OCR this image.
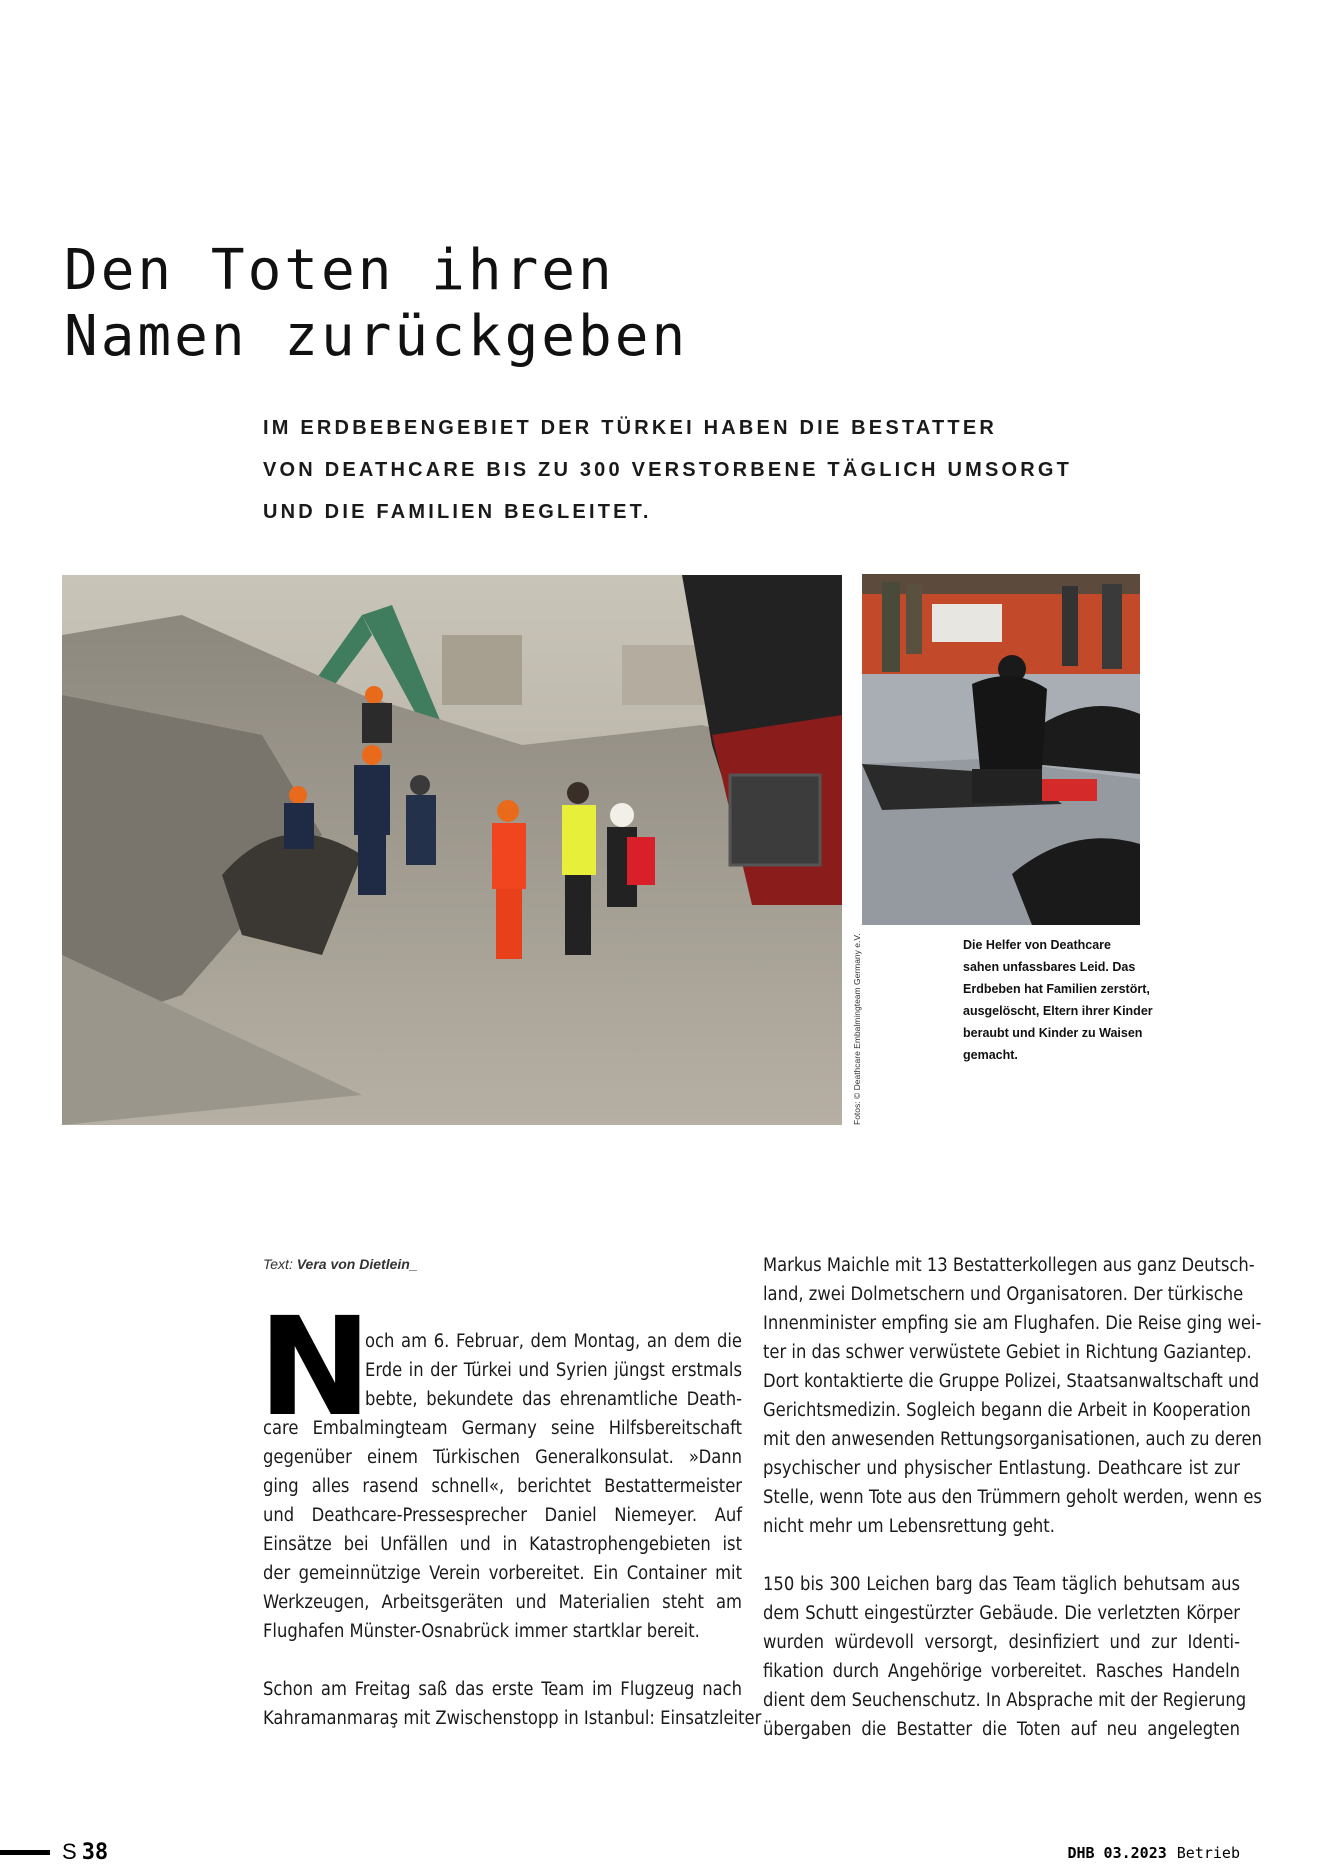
Den Toten ihren
Namen zurückgeben
IM ERDBEBENGEBIET DER TÜRKEI HABEN DIE BESTATTER
VON DEATHCARE BIS ZU 300 VERSTORBENE TÄGLICH UMSORGT
UND DIE FAMILIEN BEGLEITET.
Fotos: © Deathcare Embalmingteam Germany e.V.	Die Helfer von Deathcare
sahen unfassbares Leid. Das
Erdbeben hat Familien zerstört,
ausgelöscht, Eltern ihrer Kinder
beraubt und Kinder zu Waisen
gemacht.
Text: Vera von Dietlein_
N
och am 6. Februar, dem Montag, an dem die
Erde in der Türkei und Syrien jüngst erstmals
bebte, bekundete das ehrenamtliche Death-
care Embalmingteam Germany seine Hilfsbereitschaft
gegenüber einem Türkischen Generalkonsulat. »Dann
ging alles rasend schnell«, berichtet Bestattermeister
und Deathcare-Pressesprecher Daniel Niemeyer. Auf
Einsätze bei Unfällen und in Katastrophengebieten ist
der gemeinnützige Verein vorbereitet. Ein Container mit
Werkzeugen, Arbeitsgeräten und Materialien steht am
Flughafen Münster-Osnabrück immer startklar bereit.
Schon am Freitag saß das erste Team im Flugzeug nach
Kahramanmaraş mit Zwischenstopp in Istanbul: Einsatzleiter
Markus Maichle mit 13 Bestatterkollegen aus ganz Deutsch-
land, zwei Dolmetschern und Organisatoren. Der türkische
Innenminister empfing sie am Flughafen. Die Reise ging wei-
ter in das schwer verwüstete Gebiet in Richtung Gaziantep.
Dort kontaktierte die Gruppe Polizei, Staatsanwaltschaft und
Gerichtsmedizin. Sogleich begann die Arbeit in Kooperation
mit den anwesenden Rettungsorganisationen, auch zu deren
psychischer und physischer Entlastung. Deathcare ist zur
Stelle, wenn Tote aus den Trümmern geholt werden, wenn es
nicht mehr um Lebensrettung geht.
150 bis 300 Leichen barg das Team täglich behutsam aus
dem Schutt eingestürzter Gebäude. Die verletzten Körper
wurden würdevoll versorgt, desinfiziert und zur Identi-
fikation durch Angehörige vorbereitet. Rasches Handeln
dient dem Seuchenschutz. In Absprache mit der Regierung
übergaben die Bestatter die Toten auf neu angelegten
S 38	DHB 03.2023 Betrieb
